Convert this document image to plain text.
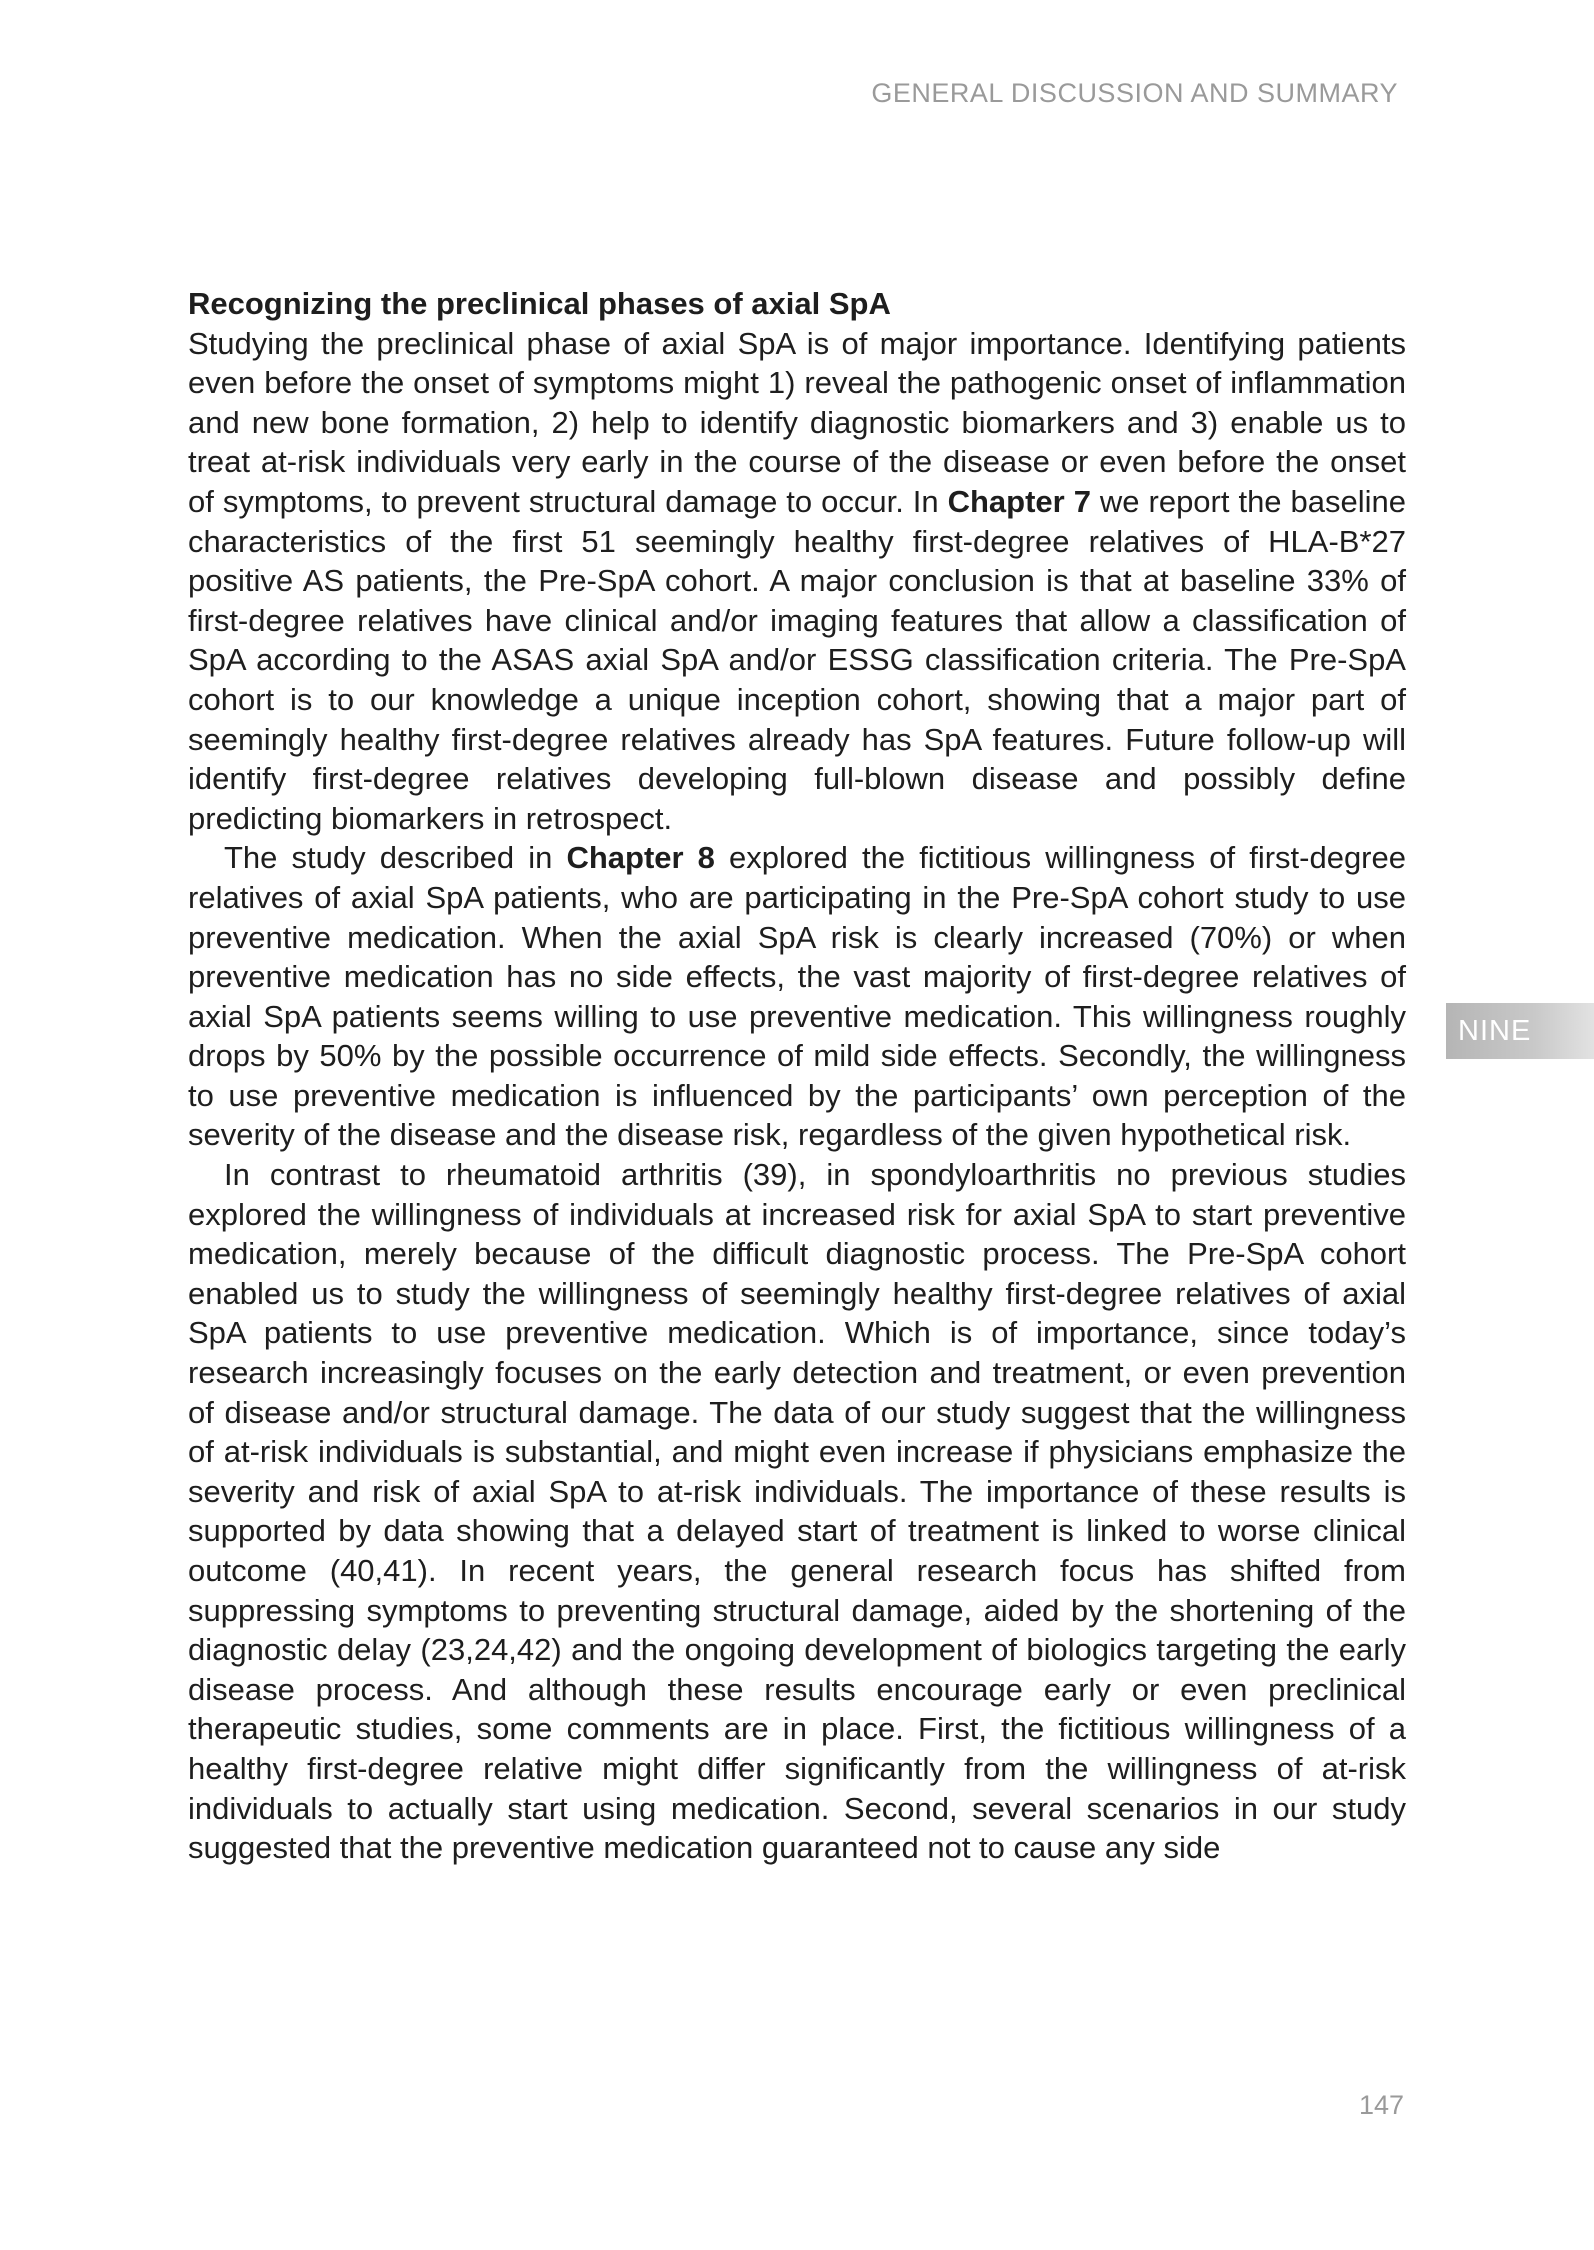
GENERAL DISCUSSION AND SUMMARY
Recognizing the preclinical phases of axial SpA

Studying the preclinical phase of axial SpA is of major importance. Identifying patients even before the onset of symptoms might 1) reveal the pathogenic onset of inflammation and new bone formation, 2) help to identify diagnostic biomarkers and 3) enable us to treat at-risk individuals very early in the course of the disease or even before the onset of symptoms, to prevent structural damage to occur. In Chapter 7 we report the baseline characteristics of the first 51 seemingly healthy first-degree relatives of HLA-B*27 positive AS patients, the Pre-SpA cohort. A major conclusion is that at baseline 33% of first-degree relatives have clinical and/or imaging features that allow a classification of SpA according to the ASAS axial SpA and/or ESSG classification criteria. The Pre-SpA cohort is to our knowledge a unique inception cohort, showing that a major part of seemingly healthy first-degree relatives already has SpA features. Future follow-up will identify first-degree relatives developing full-blown disease and possibly define predicting biomarkers in retrospect.

The study described in Chapter 8 explored the fictitious willingness of first-degree relatives of axial SpA patients, who are participating in the Pre-SpA cohort study to use preventive medication. When the axial SpA risk is clearly increased (70%) or when preventive medication has no side effects, the vast majority of first-degree relatives of axial SpA patients seems willing to use preventive medication. This willingness roughly drops by 50% by the possible occurrence of mild side effects. Secondly, the willingness to use preventive medication is influenced by the participants’ own perception of the severity of the disease and the disease risk, regardless of the given hypothetical risk.

In contrast to rheumatoid arthritis (39), in spondyloarthritis no previous studies explored the willingness of individuals at increased risk for axial SpA to start preventive medication, merely because of the difficult diagnostic process. The Pre-SpA cohort enabled us to study the willingness of seemingly healthy first-degree relatives of axial SpA patients to use preventive medication. Which is of importance, since today’s research increasingly focuses on the early detection and treatment, or even prevention of disease and/or structural damage. The data of our study suggest that the willingness of at-risk individuals is substantial, and might even increase if physicians emphasize the severity and risk of axial SpA to at-risk individuals. The importance of these results is supported by data showing that a delayed start of treatment is linked to worse clinical outcome (40,41). In recent years, the general research focus has shifted from suppressing symptoms to preventing structural damage, aided by the shortening of the diagnostic delay (23,24,42) and the ongoing development of biologics targeting the early disease process. And although these results encourage early or even preclinical therapeutic studies, some comments are in place. First, the fictitious willingness of a healthy first-degree relative might differ significantly from the willingness of at-risk individuals to actually start using medication. Second, several scenarios in our study suggested that the preventive medication guaranteed not to cause any side

NINE
147
